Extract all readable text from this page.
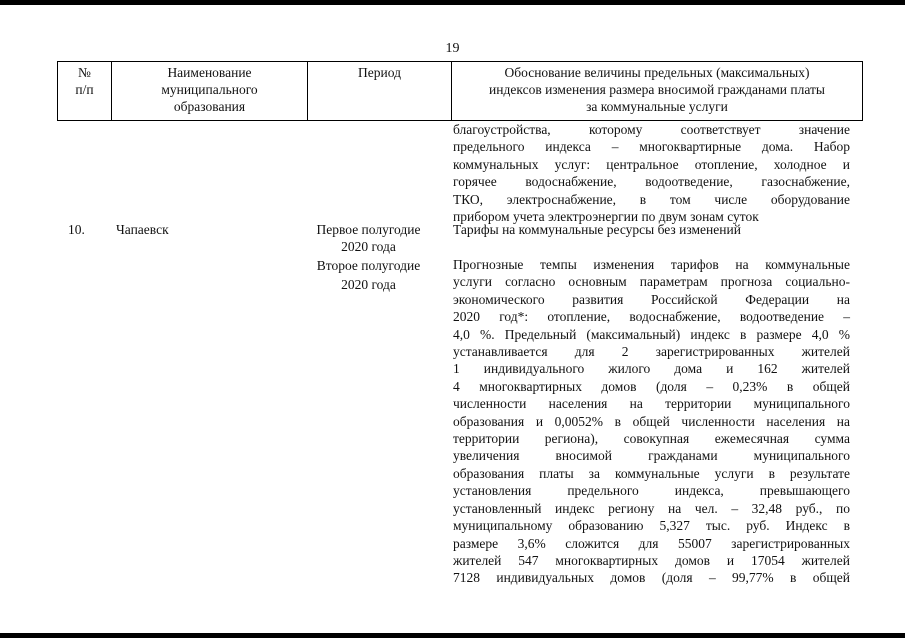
19
№
п/п
Наименование
муниципального
образования
Период	Обоснование величины предельных (максимальных)
индексов изменения размера вносимой гражданами платы
за коммунальные услуги
благоустройства, которому соответствует значение
предельного индекса – многоквартирные дома. Набор
коммунальных услуг: центральное отопление, холодное и
горячее водоснабжение, водоотведение, газоснабжение,
ТКО, электроснабжение, в том числе оборудование
прибором учета электроэнергии по двум зонам суток
10. Чапаевск	Первое полугодие
2020 года
Второе полугодие
2020 года
Тарифы на коммунальные ресурсы без изменений
Прогнозные темпы изменения тарифов на коммунальные
услуги согласно основным параметрам прогноза социально-
экономического развития Российской Федерации на
2020 год*: отопление, водоснабжение, водоотведение –
4,0 %. Предельный (максимальный) индекс в размере 4,0 %
устанавливается для 2 зарегистрированных жителей
1 индивидуального жилого дома и 162 жителей
4 многоквартирных домов (доля – 0,23% в общей
численности населения на территории муниципального
образования и 0,0052% в общей численности населения на
территории региона), совокупная ежемесячная сумма
увеличения вносимой гражданами муниципального
образования платы за коммунальные услуги в результате
установления предельного индекса, превышающего
установленный индекс регионy на чел. – 32,48 руб., по
муниципальному образованию 5,327 тыс. руб. Индекс в
размере 3,6% сложится для 55007 зарегистрированных
жителей 547 многоквартирных домов и 17054 жителей
7128 индивидуальных домов (доля – 99,77% в общей
